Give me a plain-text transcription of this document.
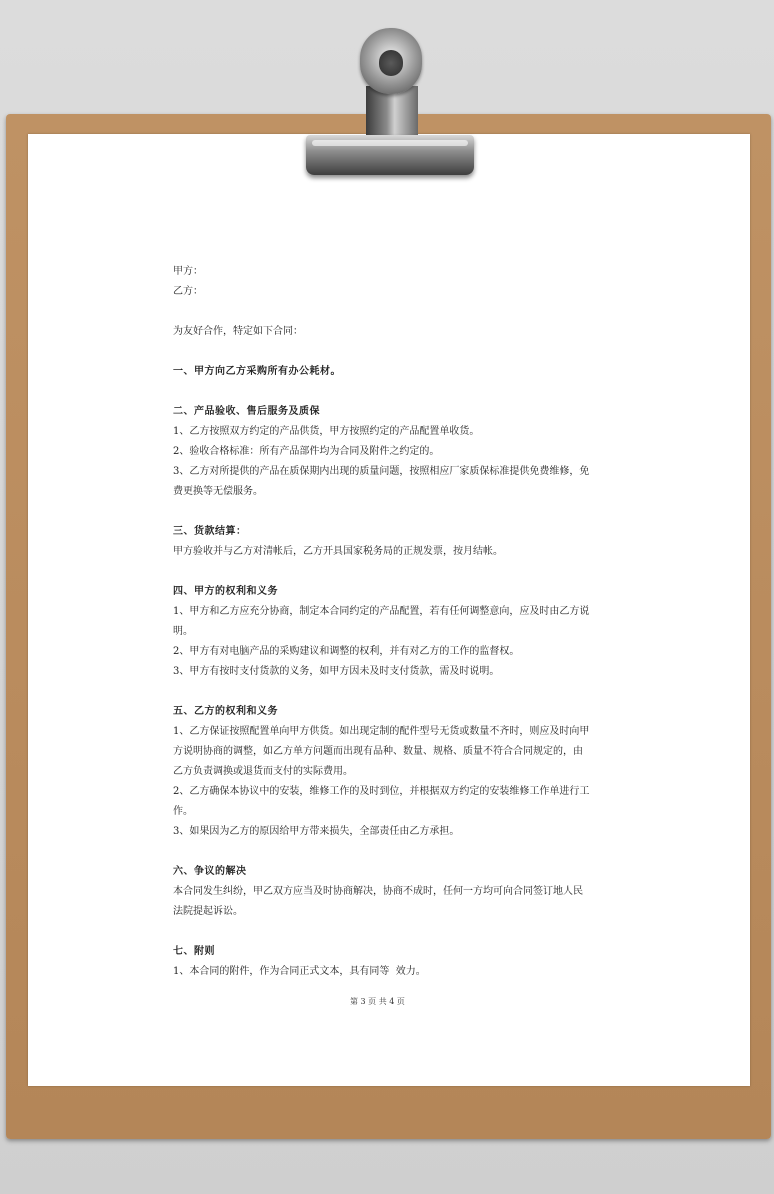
甲方：
乙方：
为友好合作，特定如下合同：
一、甲方向乙方采购所有办公耗材。
二、产品验收、售后服务及质保
1、乙方按照双方约定的产品供货，甲方按照约定的产品配置单收货。
2、验收合格标准：所有产品部件均为合同及附件之约定的。
3、乙方对所提供的产品在质保期内出现的质量问题，按照相应厂家质保标准提供免费维修，免
费更换等无偿服务。
三、货款结算：
甲方验收并与乙方对清帐后，乙方开具国家税务局的正规发票，按月结帐。
四、甲方的权利和义务
1、甲方和乙方应充分协商，制定本合同约定的产品配置，若有任何调整意向，应及时由乙方说
明。
2、甲方有对电脑产品的采购建议和调整的权利，并有对乙方的工作的监督权。
3、甲方有按时支付货款的义务，如甲方因未及时支付货款，需及时说明。
五、乙方的权利和义务
1、乙方保证按照配置单向甲方供货。如出现定制的配件型号无货或数量不齐时，则应及时向甲
方说明协商的调整，如乙方单方问题而出现有品种、数量、规格、质量不符合合同规定的，由
乙方负责调换或退货而支付的实际费用。
2、乙方确保本协议中的安装，维修工作的及时到位，并根据双方约定的安装维修工作单进行工
作。
3、如果因为乙方的原因给甲方带来损失，全部责任由乙方承担。
六、争议的解决
本合同发生纠纷，甲乙双方应当及时协商解决，协商不成时，任何一方均可向合同签订地人民
法院提起诉讼。
七、附则
1、本合同的附件，作为合同正式文本，具有同等  效力。
第 3 页 共 4 页
